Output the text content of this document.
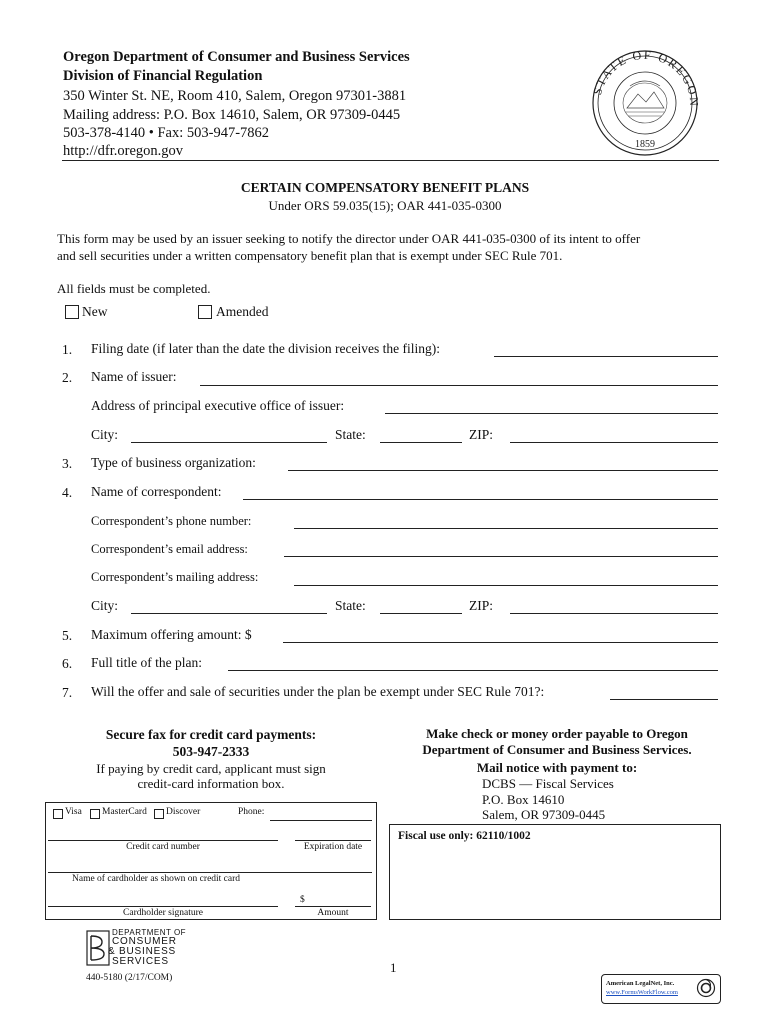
Oregon Department of Consumer and Business Services
Division of Financial Regulation
350 Winter St. NE, Room 410, Salem, Oregon 97301-3881
Mailing address: P.O. Box 14610, Salem, OR 97309-0445
503-378-4140 • Fax: 503-947-7862
http://dfr.oregon.gov
STATE OF OREGON
1859
CERTAIN COMPENSATORY BENEFIT PLANS
Under ORS 59.035(15); OAR 441-035-0300
This form may be used by an issuer seeking to notify the director under OAR 441-035-0300 of its intent to offer
and sell securities under a written compensatory benefit plan that is exempt under SEC Rule 701.
All fields must be completed.
New	Amended
1. Filing date (if later than the date the division receives the filing):
2. Name of issuer:
Address of principal executive office of issuer:
City:	State:	ZIP:
3. Type of business organization:
4. Name of correspondent:
Correspondent’s phone number:
Correspondent’s email address:
Correspondent’s mailing address:
City:	State:	ZIP:
5. Maximum offering amount: $
6. Full title of the plan:
7. Will the offer and sale of securities under the plan be exempt under SEC Rule 701?:
Secure fax for credit card payments:
503-947-2333
If paying by credit card, applicant must sign
credit-card information box.
Make check or money order payable to Oregon
Department of Consumer and Business Services.
Mail notice with payment to:
DCBS — Fiscal Services
P.O. Box 14610
Salem, OR 97309-0445
Visa MasterCard Discover	Phone:
Credit card number	Expiration date
Name of cardholder as shown on credit card
$
Cardholder signature	Amount
Fiscal use only: 62110/1002
DEPARTMENT OF
CONSUMER
& BUSINESS
SERVICES
440-5180 (2/17/COM)
1
American LegalNet, Inc.
www.FormsWorkFlow.com
